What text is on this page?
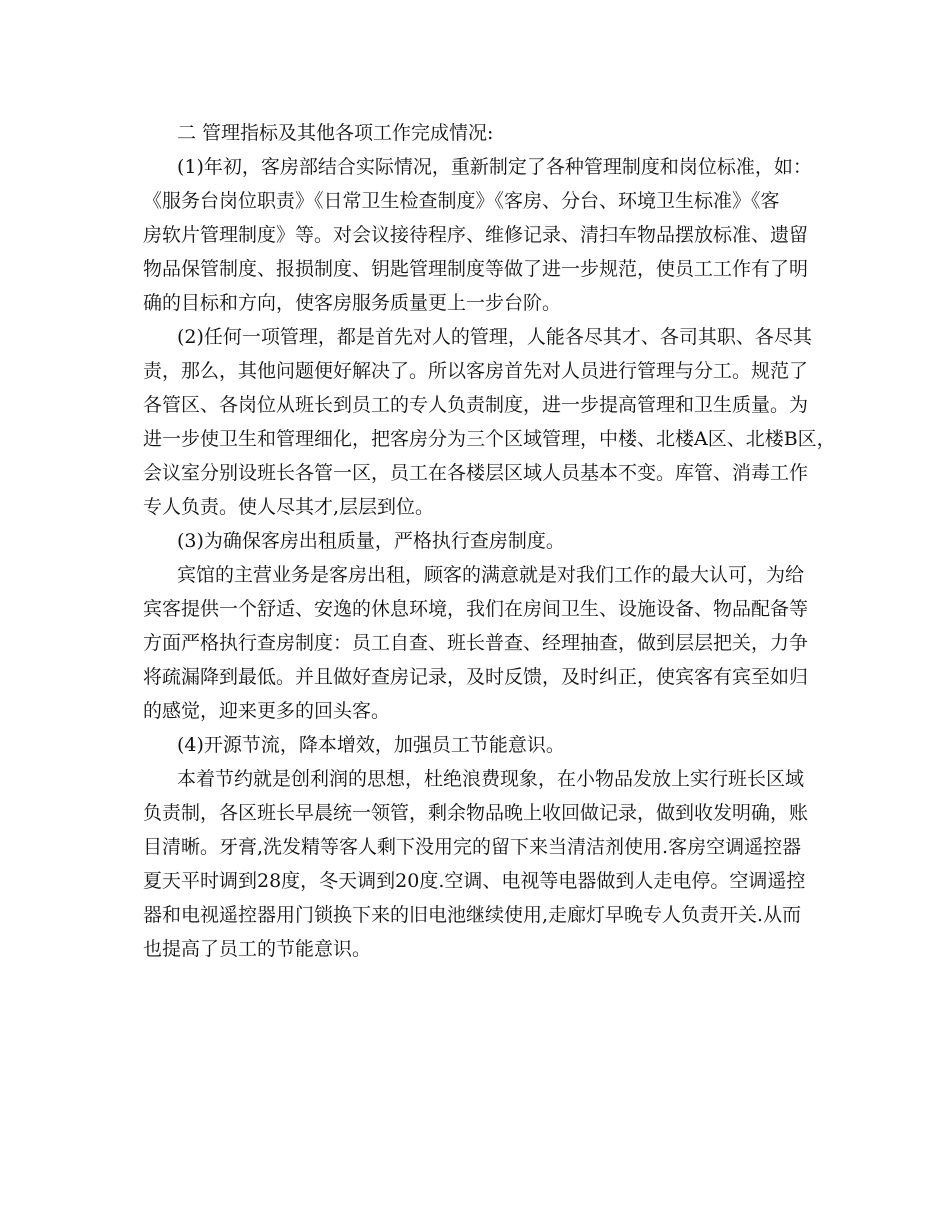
二 管理指标及其他各项工作完成情况:
(1)年初，客房部结合实际情况，重新制定了各种管理制度和岗位标准，如：
《服务台岗位职责》《日常卫生检查制度》《客房、分台、环境卫生标准》《客
房软片管理制度》等。对会议接待程序、维修记录、清扫车物品摆放标准、遗留
物品保管制度、报损制度、钥匙管理制度等做了进一步规范，使员工工作有了明
确的目标和方向，使客房服务质量更上一步台阶。
(2)任何一项管理，都是首先对人的管理，人能各尽其才、各司其职、各尽其
责，那么，其他问题便好解决了。所以客房首先对人员进行管理与分工。规范了
各管区、各岗位从班长到员工的专人负责制度，进一步提高管理和卫生质量。为
进一步使卫生和管理细化，把客房分为三个区域管理，中楼、北楼A区、北楼B区，
会议室分别设班长各管一区，员工在各楼层区域人员基本不变。库管、消毒工作
专人负责。使人尽其才,层层到位。
(3)为确保客房出租质量，严格执行查房制度。
宾馆的主营业务是客房出租，顾客的满意就是对我们工作的最大认可，为给
宾客提供一个舒适、安逸的休息环境，我们在房间卫生、设施设备、物品配备等
方面严格执行查房制度：员工自查、班长普查、经理抽查，做到层层把关，力争
将疏漏降到最低。并且做好查房记录，及时反馈，及时纠正，使宾客有宾至如归
的感觉，迎来更多的回头客。
(4)开源节流，降本增效，加强员工节能意识。
本着节约就是创利润的思想，杜绝浪费现象，在小物品发放上实行班长区域
负责制，各区班长早晨统一领管，剩余物品晚上收回做记录，做到收发明确，账
目清晰。牙膏,洗发精等客人剩下没用完的留下来当清洁剂使用.客房空调遥控器
夏天平时调到28度，冬天调到20度.空调、电视等电器做到人走电停。空调遥控
器和电视遥控器用门锁换下来的旧电池继续使用,走廊灯早晚专人负责开关.从而
也提高了员工的节能意识。
